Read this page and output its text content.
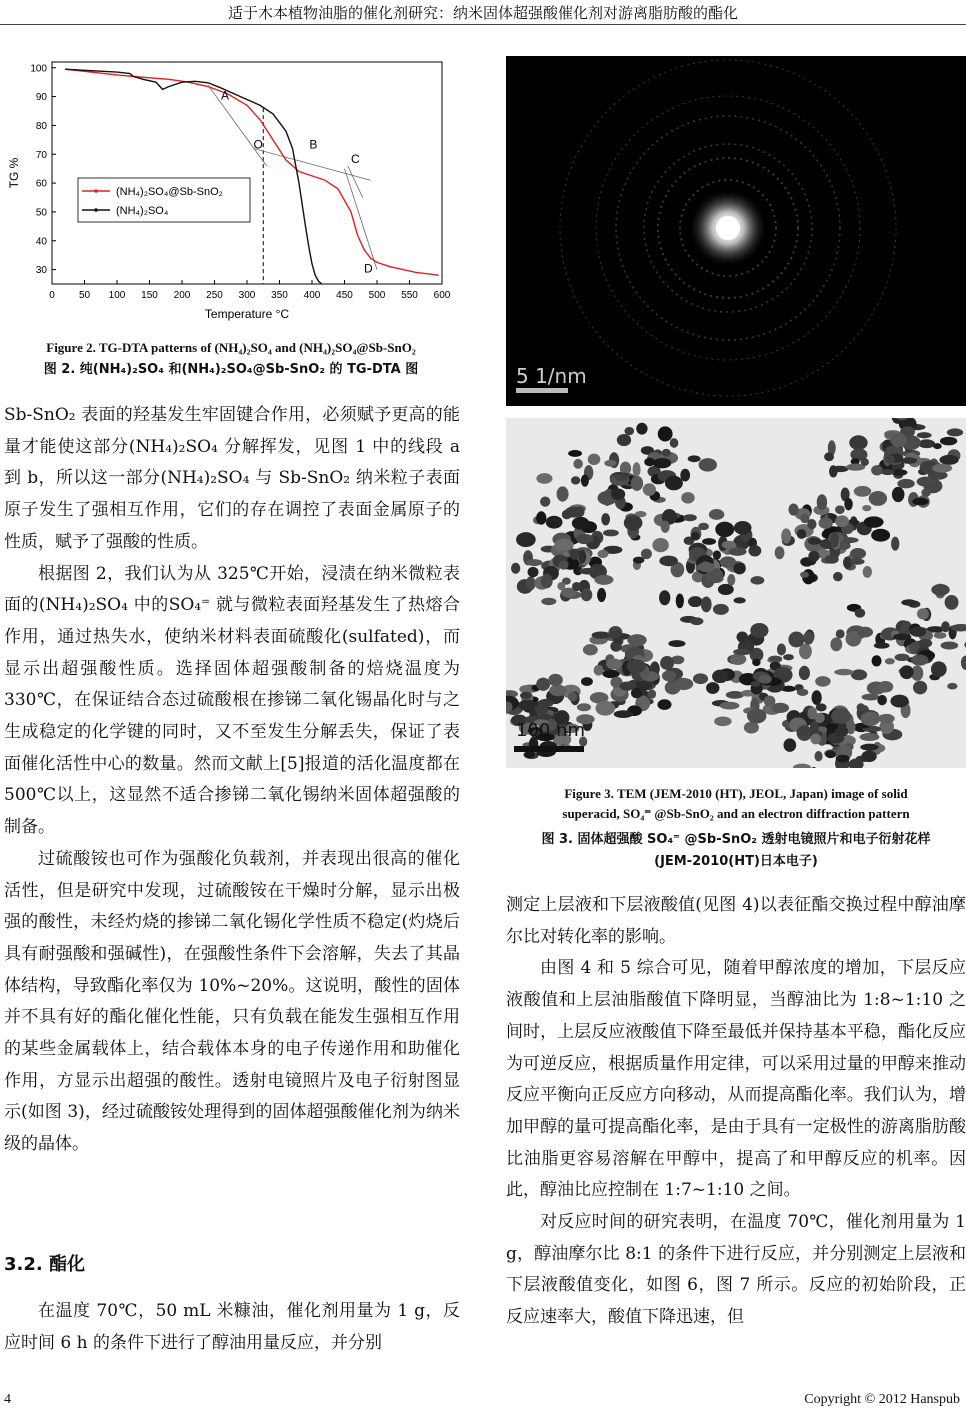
适于木本植物油脂的催化剂研究：纳米固体超强酸催化剂对游离脂肪酸的酯化
0 50 100 150 200 250 300 350 400 450 500 550 600
30
40
50
60
70
80
90
100
Temperature °C
TG %
A
O	B
C
D
(NH₄)₂SO₄@Sb-SnO₂
(NH₄)₂SO₄
Figure 2. TG-DTA patterns of (NH₄)₂SO₄ and (NH₄)₂SO₄@Sb-SnO₂
图 2. 纯(NH₄)₂SO₄ 和(NH₄)₂SO₄@Sb-SnO₂ 的 TG-DTA 图

Sb-SnO₂ 表面的羟基发生牢固键合作用，必须赋予更高的能量才能使这部分(NH₄)₂SO₄ 分解挥发，见图 1 中的线段 a 到 b，所以这一部分(NH₄)₂SO₄ 与 Sb-SnO₂ 纳米粒子表面原子发生了强相互作用，它们的存在调控了表面金属原子的性质，赋予了强酸的性质。

根据图 2，我们认为从 325℃开始，浸渍在纳米微粒表面的(NH₄)₂SO₄ 中的SO₄⁼ 就与微粒表面羟基发生了热熔合作用，通过热失水，使纳米材料表面硫酸化(sulfated)，而显示出超强酸性质。选择固体超强酸制备的焙烧温度为 330℃，在保证结合态过硫酸根在掺锑二氧化锡晶化时与之生成稳定的化学键的同时，又不至发生分解丢失，保证了表面催化活性中心的数量。然而文献上[5]报道的活化温度都在 500℃以上，这显然不适合掺锑二氧化锡纳米固体超强酸的制备。

过硫酸铵也可作为强酸化负载剂，并表现出很高的催化活性，但是研究中发现，过硫酸铵在干燥时分解，显示出极强的酸性，未经灼烧的掺锑二氧化锡化学性质不稳定(灼烧后具有耐强酸和强碱性)，在强酸性条件下会溶解，失去了其晶体结构，导致酯化率仅为 10%~20%。这说明，酸性的固体并不具有好的酯化催化性能，只有负载在能发生强相互作用的某些金属载体上，结合载体本身的电子传递作用和助催化作用，方显示出超强的酸性。透射电镜照片及电子衍射图显示(如图 3)，经过硫酸铵处理得到的固体超强酸催化剂为纳米级的晶体。

3.2. 酯化

在温度 70℃，50 mL 米糠油，催化剂用量为 1 g，反应时间 6 h 的条件下进行了醇油用量反应，并分别

5 1/nm
100 nm
Figure 3. TEM (JEM-2010 (HT), JEOL, Japan) image of solid
superacid, SO₄⁼ @Sb-SnO₂ and an electron diffraction pattern
图 3. 固体超强酸 SO₄⁼ @Sb-SnO₂ 透射电镜照片和电子衍射花样
(JEM-2010(HT)日本电子)

测定上层液和下层液酸值(见图 4)以表征酯交换过程中醇油摩尔比对转化率的影响。

由图 4 和 5 综合可见，随着甲醇浓度的增加，下层反应液酸值和上层油脂酸值下降明显，当醇油比为 1:8~1:10 之间时，上层反应液酸值下降至最低并保持基本平稳，酯化反应为可逆反应，根据质量作用定律，可以采用过量的甲醇来推动反应平衡向正反应方向移动，从而提高酯化率。我们认为，增加甲醇的量可提高酯化率，是由于具有一定极性的游离脂肪酸比油脂更容易溶解在甲醇中，提高了和甲醇反应的机率。因此，醇油比应控制在 1:7~1:10 之间。

对反应时间的研究表明，在温度 70℃，催化剂用量为 1 g，醇油摩尔比 8:1 的条件下进行反应，并分别测定上层液和下层液酸值变化，如图 6，图 7 所示。反应的初始阶段，正反应速率大，酸值下降迅速，但

4	Copyright © 2012 Hanspub
